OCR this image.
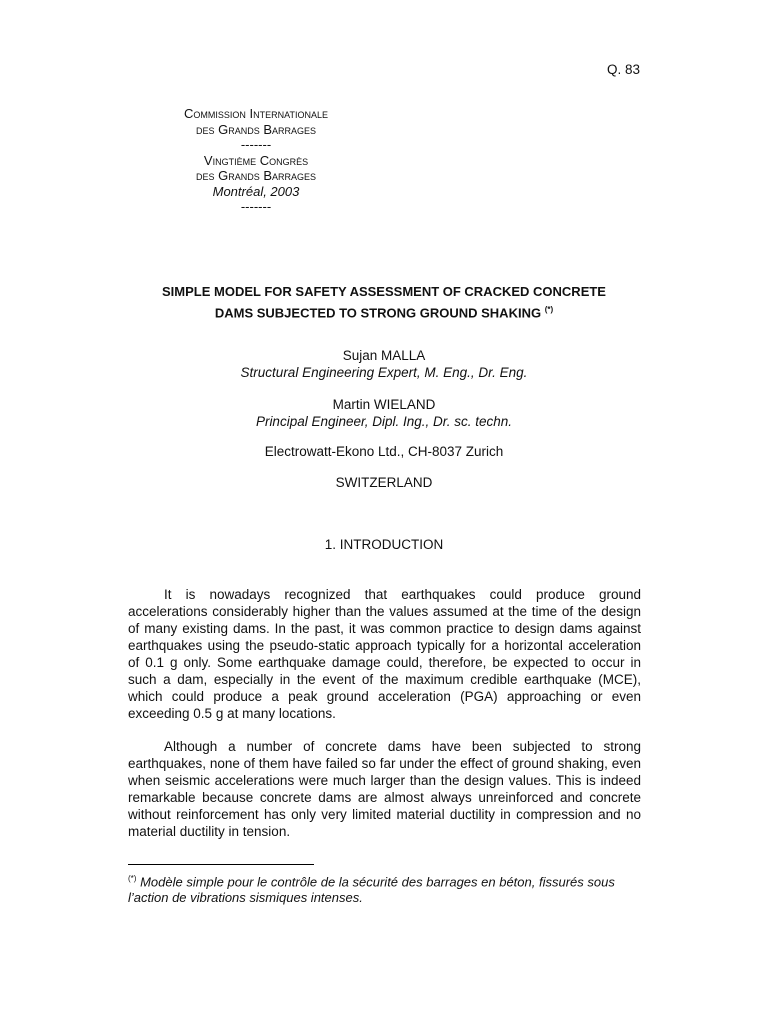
Q. 83
Commission Internationale
des Grands Barrages
-------
Vingtième Congrès
des Grands Barrages
Montréal, 2003
-------
SIMPLE MODEL FOR SAFETY ASSESSMENT OF CRACKED CONCRETE
DAMS SUBJECTED TO STRONG GROUND SHAKING (*)
Sujan MALLA
Structural Engineering Expert, M. Eng., Dr. Eng.
Martin WIELAND
Principal Engineer, Dipl. Ing., Dr. sc. techn.
Electrowatt-Ekono Ltd., CH-8037 Zurich
SWITZERLAND
1. INTRODUCTION
It is nowadays recognized that earthquakes could produce ground accelerations considerably higher than the values assumed at the time of the design of many existing dams. In the past, it was common practice to design dams against earthquakes using the pseudo-static approach typically for a horizontal acceleration of 0.1 g only. Some earthquake damage could, therefore, be expected to occur in such a dam, especially in the event of the maximum credible earthquake (MCE), which could produce a peak ground acceleration (PGA) approaching or even exceeding 0.5 g at many locations.
Although a number of concrete dams have been subjected to strong earthquakes, none of them have failed so far under the effect of ground shaking, even when seismic accelerations were much larger than the design values. This is indeed remarkable because concrete dams are almost always unreinforced and concrete without reinforcement has only very limited material ductility in compression and no material ductility in tension.
(*) Modèle simple pour le contrôle de la sécurité des barrages en béton, fissurés sous l’action de vibrations sismiques intenses.
